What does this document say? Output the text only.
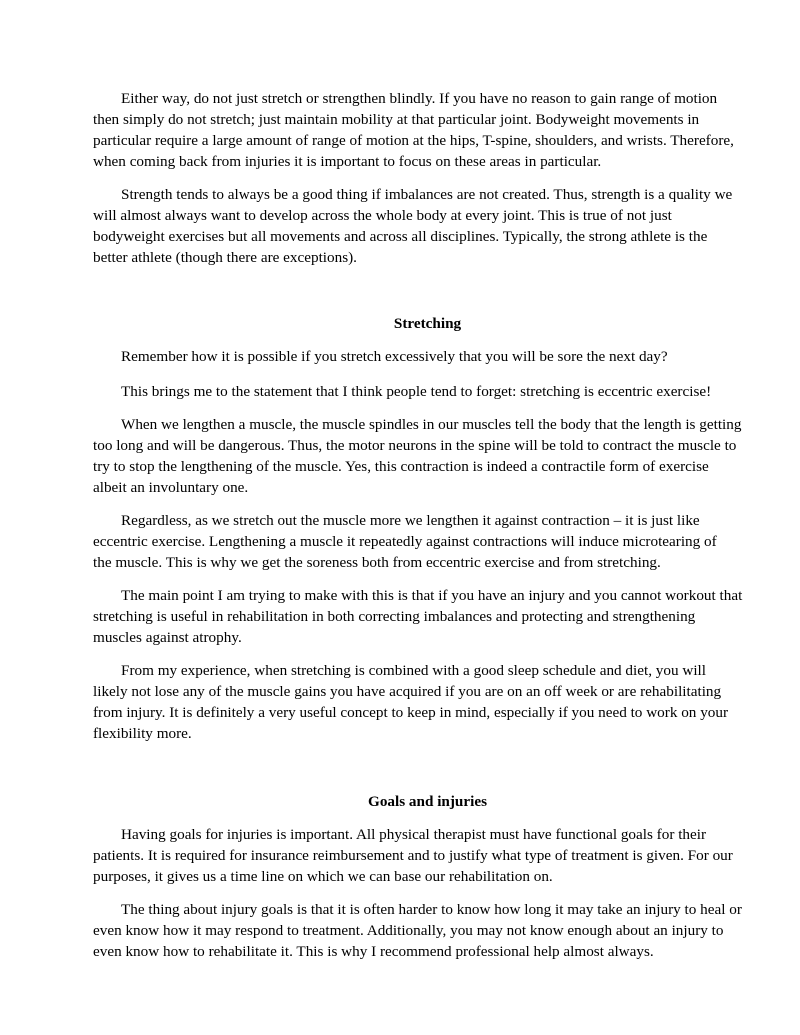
Either way, do not just stretch or strengthen blindly. If you have no reason to gain range of motion
then simply do not stretch; just maintain mobility at that particular joint. Bodyweight movements in
particular require a large amount of range of motion at the hips, T-spine, shoulders, and wrists. Therefore,
when coming back from injuries it is important to focus on these areas in particular.
Strength tends to always be a good thing if imbalances are not created. Thus, strength is a quality we
will almost always want to develop across the whole body at every joint. This is true of not just
bodyweight exercises but all movements and across all disciplines. Typically, the strong athlete is the
better athlete (though there are exceptions).
Stretching
Remember how it is possible if you stretch excessively that you will be sore the next day?
This brings me to the statement that I think people tend to forget: stretching is eccentric exercise!
When we lengthen a muscle, the muscle spindles in our muscles tell the body that the length is getting
too long and will be dangerous. Thus, the motor neurons in the spine will be told to contract the muscle to
try to stop the lengthening of the muscle. Yes, this contraction is indeed a contractile form of exercise
albeit an involuntary one.
Regardless, as we stretch out the muscle more we lengthen it against contraction – it is just like
eccentric exercise. Lengthening a muscle it repeatedly against contractions will induce microtearing of
the muscle. This is why we get the soreness both from eccentric exercise and from stretching.
The main point I am trying to make with this is that if you have an injury and you cannot workout that
stretching is useful in rehabilitation in both correcting imbalances and protecting and strengthening
muscles against atrophy.
From my experience, when stretching is combined with a good sleep schedule and diet, you will
likely not lose any of the muscle gains you have acquired if you are on an off week or are rehabilitating
from injury. It is definitely a very useful concept to keep in mind, especially if you need to work on your
flexibility more.
Goals and injuries
Having goals for injuries is important. All physical therapist must have functional goals for their
patients. It is required for insurance reimbursement and to justify what type of treatment is given. For our
purposes, it gives us a time line on which we can base our rehabilitation on.
The thing about injury goals is that it is often harder to know how long it may take an injury to heal or
even know how it may respond to treatment. Additionally, you may not know enough about an injury to
even know how to rehabilitate it. This is why I recommend professional help almost always.
